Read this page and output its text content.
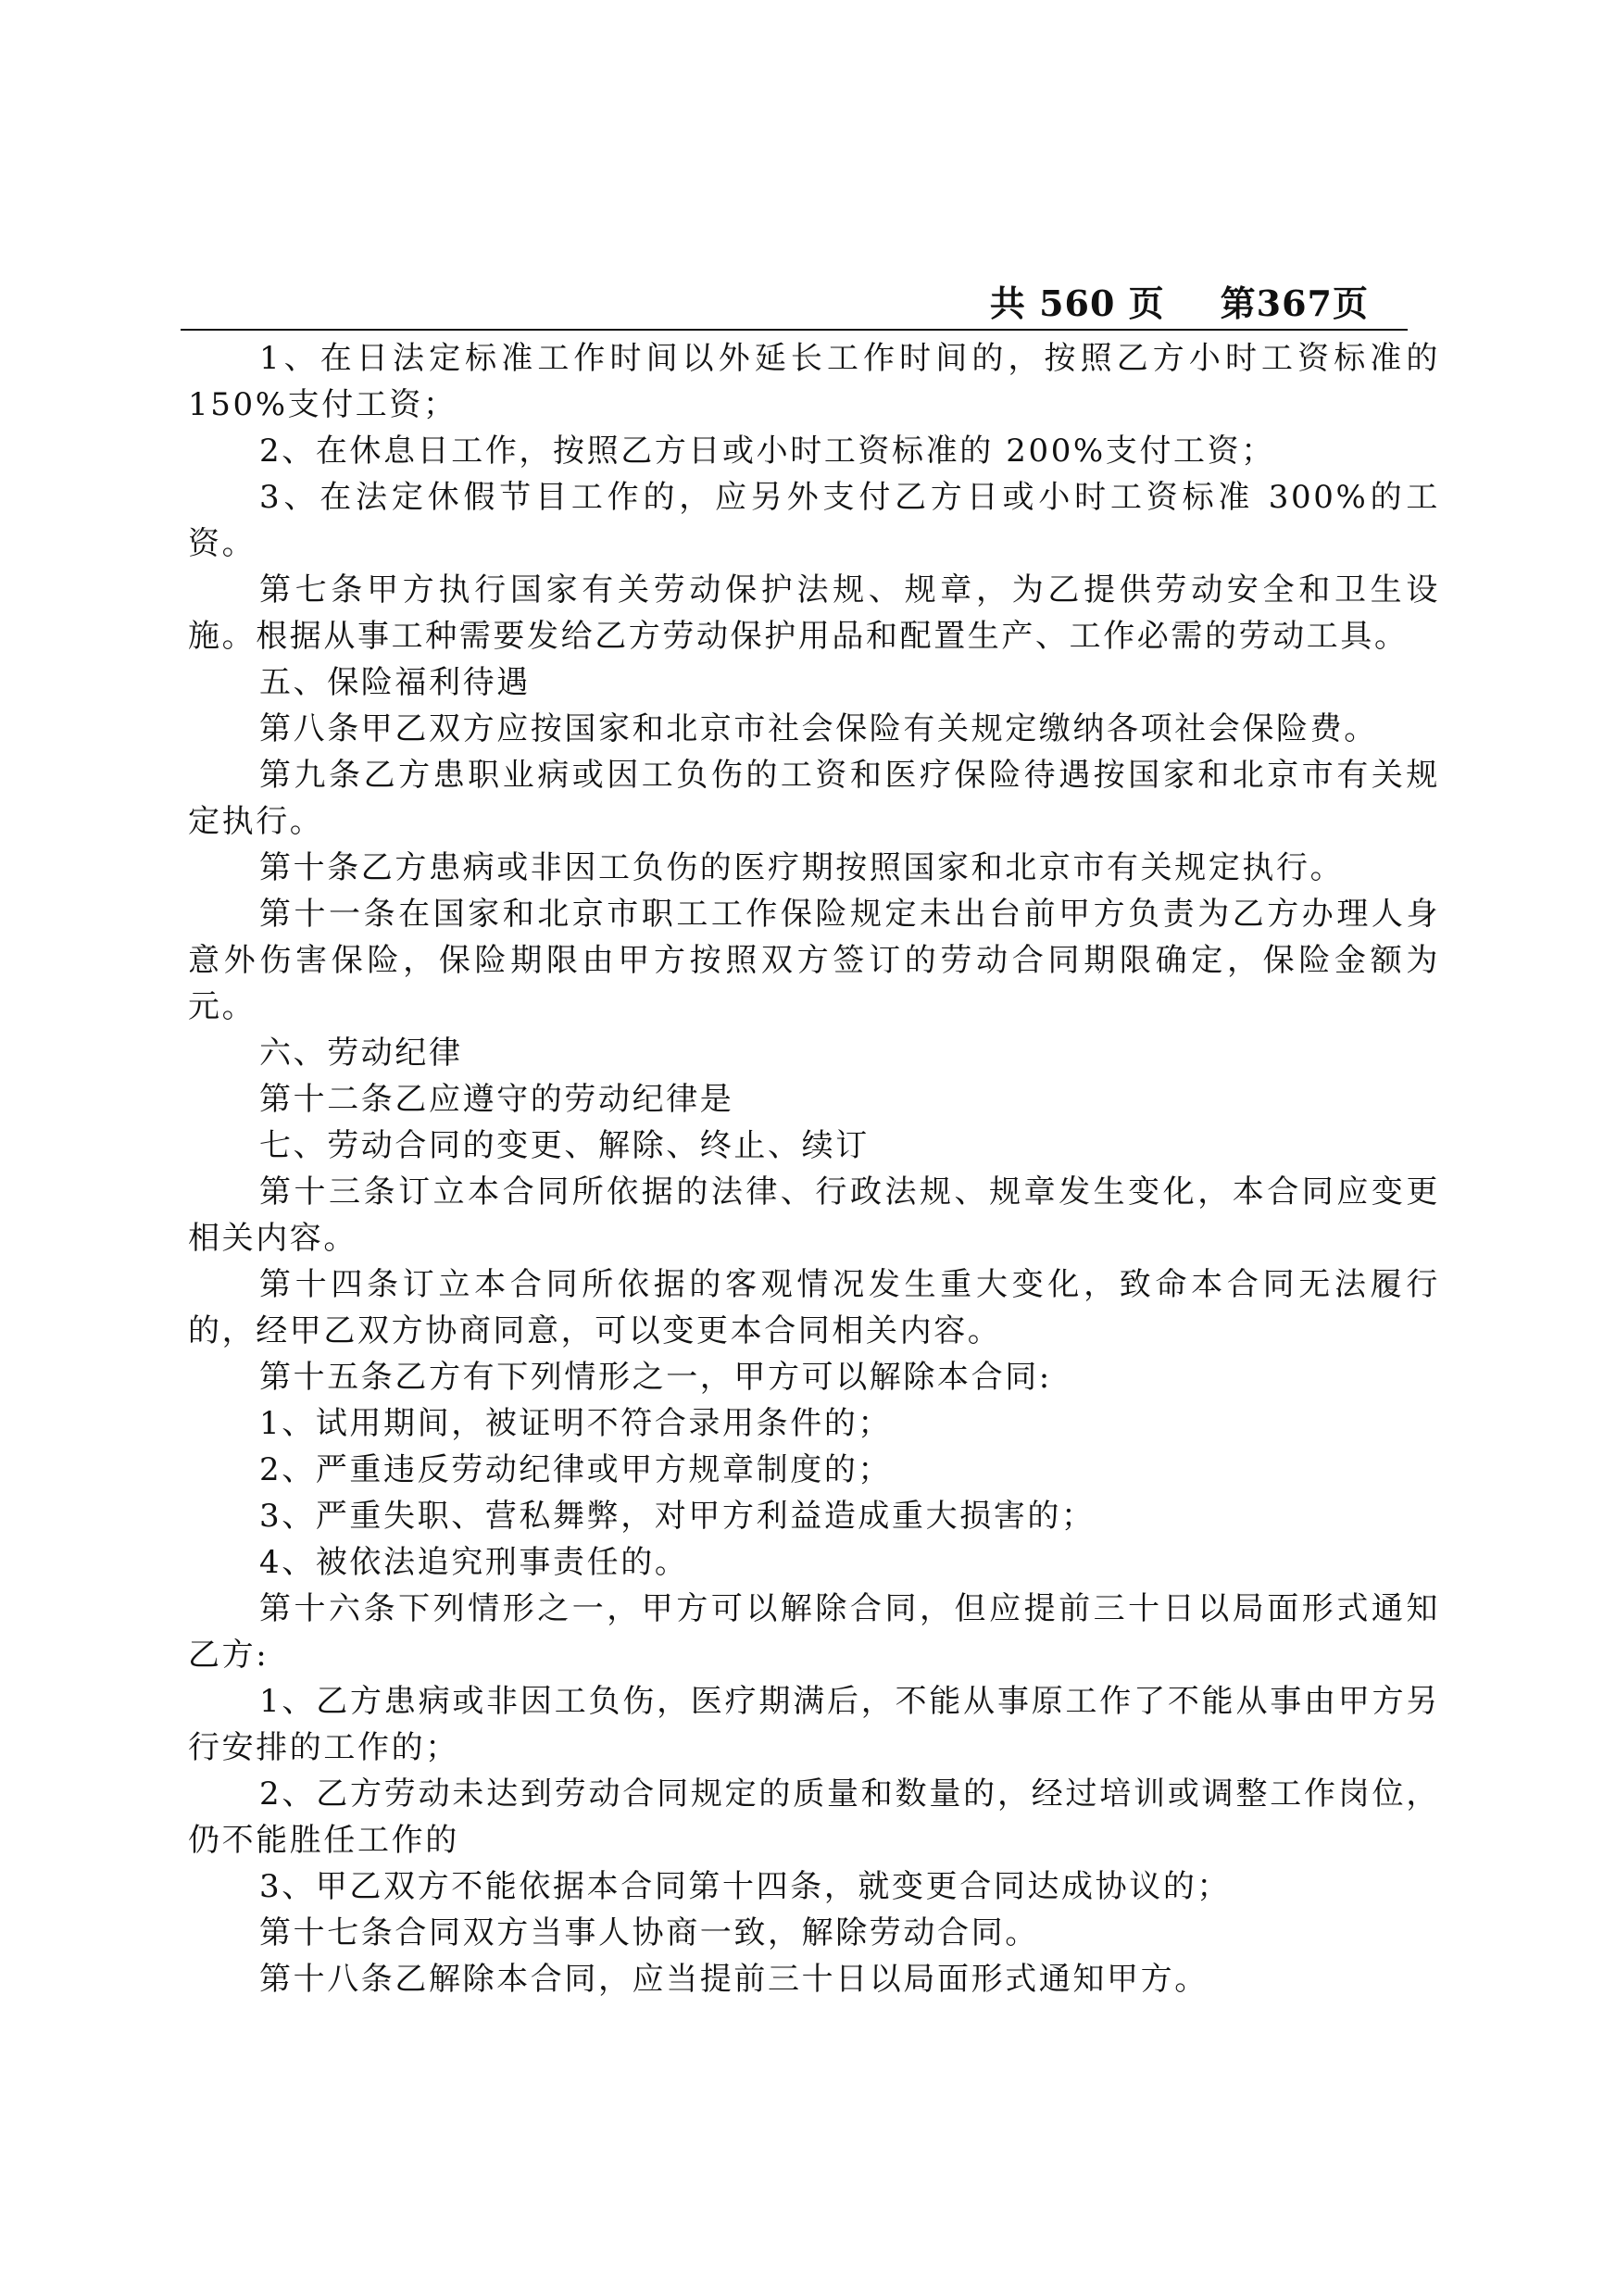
共 560 页 第367页

1、在日法定标准工作时间以外延长工作时间的，按照乙方小时工资标准的 150%支付工资；

2、在休息日工作，按照乙方日或小时工资标准的 200%支付工资；

3、在法定休假节目工作的，应另外支付乙方日或小时工资标准 300%的工资。

第七条甲方执行国家有关劳动保护法规、规章，为乙提供劳动安全和卫生设施。根据从事工种需要发给乙方劳动保护用品和配置生产、工作必需的劳动工具。

五、保险福利待遇

第八条甲乙双方应按国家和北京市社会保险有关规定缴纳各项社会保险费。

第九条乙方患职业病或因工负伤的工资和医疗保险待遇按国家和北京市有关规定执行。

第十条乙方患病或非因工负伤的医疗期按照国家和北京市有关规定执行。

第十一条在国家和北京市职工工作保险规定未出台前甲方负责为乙方办理人身意外伤害保险，保险期限由甲方按照双方签订的劳动合同期限确定，保险金额为元。

六、劳动纪律

第十二条乙应遵守的劳动纪律是

七、劳动合同的变更、解除、终止、续订

第十三条订立本合同所依据的法律、行政法规、规章发生变化，本合同应变更相关内容。

第十四条订立本合同所依据的客观情况发生重大变化，致命本合同无法履行的，经甲乙双方协商同意，可以变更本合同相关内容。

第十五条乙方有下列情形之一，甲方可以解除本合同:

1、试用期间，被证明不符合录用条件的；

2、严重违反劳动纪律或甲方规章制度的；

3、严重失职、营私舞弊，对甲方利益造成重大损害的；

4、被依法追究刑事责任的。

第十六条下列情形之一，甲方可以解除合同，但应提前三十日以局面形式通知乙方:

1、乙方患病或非因工负伤，医疗期满后，不能从事原工作了不能从事由甲方另行安排的工作的；

2、乙方劳动未达到劳动合同规定的质量和数量的，经过培训或调整工作岗位，仍不能胜任工作的

3、甲乙双方不能依据本合同第十四条，就变更合同达成协议的；

第十七条合同双方当事人协商一致，解除劳动合同。

第十八条乙解除本合同，应当提前三十日以局面形式通知甲方。
